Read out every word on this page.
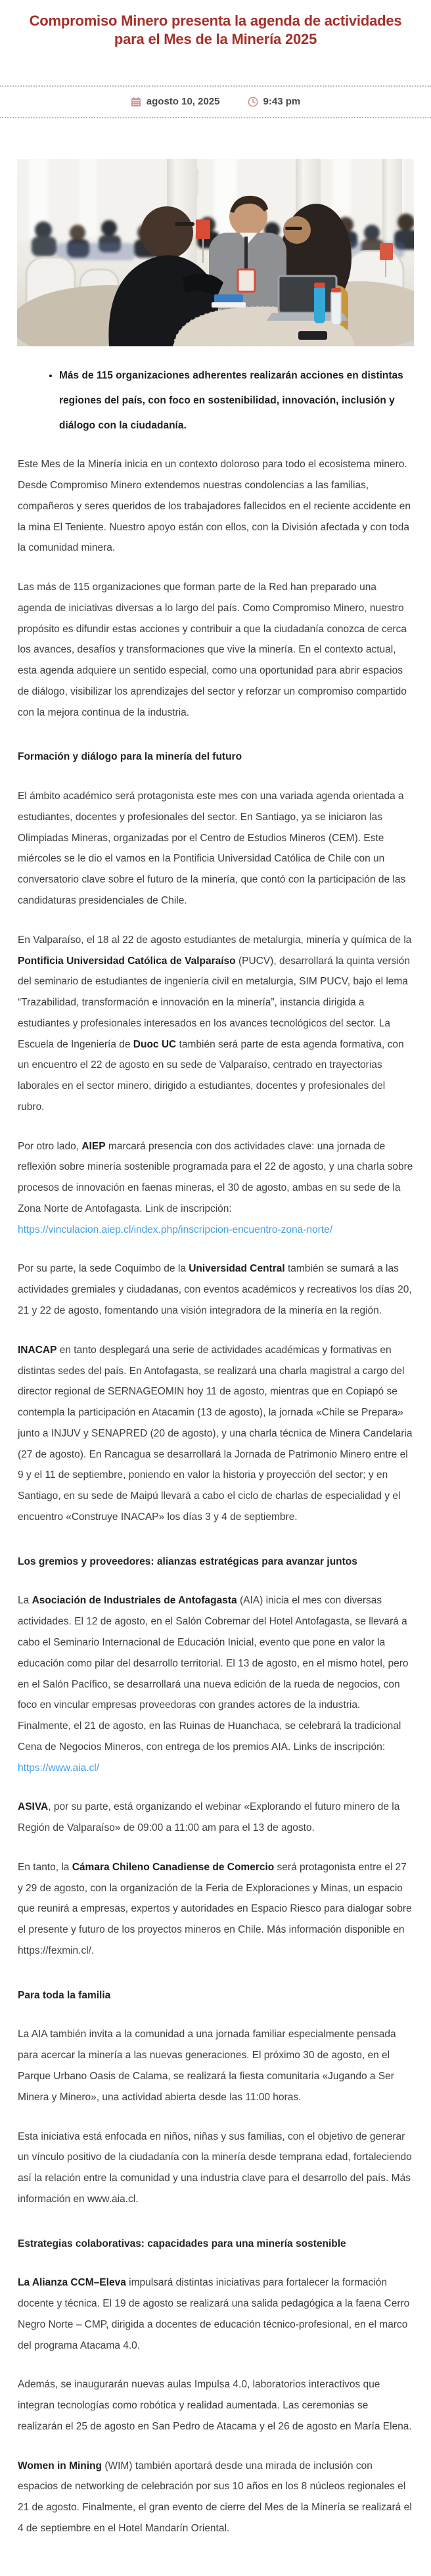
Compromiso Minero presenta la agenda de actividades para el Mes de la Minería 2025
agosto 10, 2025	9:43 pm
• Más de 115 organizaciones adherentes realizarán acciones en distintas regiones del país, con foco en sostenibilidad, innovación, inclusión y diálogo con la ciudadanía.

Este Mes de la Minería inicia en un contexto doloroso para todo el ecosistema minero. Desde Compromiso Minero extendemos nuestras condolencias a las familias, compañeros y seres queridos de los trabajadores fallecidos en el reciente accidente en la mina El Teniente. Nuestro apoyo están con ellos, con la División afectada y con toda la comunidad minera.

Las más de 115 organizaciones que forman parte de la Red han preparado una agenda de iniciativas diversas a lo largo del país. Como Compromiso Minero, nuestro propósito es difundir estas acciones y contribuir a que la ciudadanía conozca de cerca los avances, desafíos y transformaciones que vive la minería. En el contexto actual, esta agenda adquiere un sentido especial, como una oportunidad para abrir espacios de diálogo, visibilizar los aprendizajes del sector y reforzar un compromiso compartido con la mejora continua de la industria.

Formación y diálogo para la minería del futuro

El ámbito académico será protagonista este mes con una variada agenda orientada a estudiantes, docentes y profesionales del sector. En Santiago, ya se iniciaron las Olimpiadas Mineras, organizadas por el Centro de Estudios Mineros (CEM). Este miércoles se le dio el vamos en la Pontificia Universidad Católica de Chile con un conversatorio clave sobre el futuro de la minería, que contó con la participación de las candidaturas presidenciales de Chile.

En Valparaíso, el 18 al 22 de agosto estudiantes de metalurgia, minería y química de la Pontificia Universidad Católica de Valparaíso (PUCV), desarrollará la quinta versión del seminario de estudiantes de ingeniería civil en metalurgia, SIM PUCV, bajo el lema “Trazabilidad, transformación e innovación en la minería”, instancia dirigida a estudiantes y profesionales interesados en los avances tecnológicos del sector. La Escuela de Ingeniería de Duoc UC también será parte de esta agenda formativa, con un encuentro el 22 de agosto en su sede de Valparaíso, centrado en trayectorias laborales en el sector minero, dirigido a estudiantes, docentes y profesionales del rubro.

Por otro lado, AIEP marcará presencia con dos actividades clave: una jornada de reflexión sobre minería sostenible programada para el 22 de agosto, y una charla sobre procesos de innovación en faenas mineras, el 30 de agosto, ambas en su sede de la Zona Norte de Antofagasta. Link de inscripción: https://vinculacion.aiep.cl/index.php/inscripcion-encuentro-zona-norte/

Por su parte, la sede Coquimbo de la Universidad Central también se sumará a las actividades gremiales y ciudadanas, con eventos académicos y recreativos los días 20, 21 y 22 de agosto, fomentando una visión integradora de la minería en la región.

INACAP en tanto desplegará una serie de actividades académicas y formativas en distintas sedes del país. En Antofagasta, se realizará una charla magistral a cargo del director regional de SERNAGEOMIN hoy 11 de agosto, mientras que en Copiapó se contempla la participación en Atacamin (13 de agosto), la jornada «Chile se Prepara» junto a INJUV y SENAPRED (20 de agosto), y una charla técnica de Minera Candelaria (27 de agosto). En Rancagua se desarrollará la Jornada de Patrimonio Minero entre el 9 y el 11 de septiembre, poniendo en valor la historia y proyección del sector; y en Santiago, en su sede de Maipú llevará a cabo el ciclo de charlas de especialidad y el encuentro «Construye INACAP» los días 3 y 4 de septiembre.

Los gremios y proveedores: alianzas estratégicas para avanzar juntos

La Asociación de Industriales de Antofagasta (AIA) inicia el mes con diversas actividades. El 12 de agosto, en el Salón Cobremar del Hotel Antofagasta, se llevará a cabo el Seminario Internacional de Educación Inicial, evento que pone en valor la educación como pilar del desarrollo territorial. El 13 de agosto, en el mismo hotel, pero en el Salón Pacífico, se desarrollará una nueva edición de la rueda de negocios, con foco en vincular empresas proveedoras con grandes actores de la industria. Finalmente, el 21 de agosto, en las Ruinas de Huanchaca, se celebrará la tradicional Cena de Negocios Mineros, con entrega de los premios AIA. Links de inscripción: https://www.aia.cl/

ASIVA, por su parte, está organizando el webinar «Explorando el futuro minero de la Región de Valparaíso» de 09:00 a 11:00 am para el 13 de agosto.

En tanto, la Cámara Chileno Canadiense de Comercio será protagonista entre el 27 y 29 de agosto, con la organización de la Feria de Exploraciones y Minas, un espacio que reunirá a empresas, expertos y autoridades en Espacio Riesco para dialogar sobre el presente y futuro de los proyectos mineros en Chile. Más información disponible en https://fexmin.cl/.

Para toda la familia

La AIA también invita a la comunidad a una jornada familiar especialmente pensada para acercar la minería a las nuevas generaciones. El próximo 30 de agosto, en el Parque Urbano Oasis de Calama, se realizará la fiesta comunitaria «Jugando a Ser Minera y Minero», una actividad abierta desde las 11:00 horas.

Esta iniciativa está enfocada en niños, niñas y sus familias, con el objetivo de generar un vínculo positivo de la ciudadanía con la minería desde temprana edad, fortaleciendo así la relación entre la comunidad y una industria clave para el desarrollo del país. Más información en www.aia.cl.

Estrategias colaborativas: capacidades para una minería sostenible

La Alianza CCM–Eleva impulsará distintas iniciativas para fortalecer la formación docente y técnica. El 19 de agosto se realizará una salida pedagógica a la faena Cerro Negro Norte – CMP, dirigida a docentes de educación técnico-profesional, en el marco del programa Atacama 4.0.

Además, se inaugurarán nuevas aulas Impulsa 4.0, laboratorios interactivos que integran tecnologías como robótica y realidad aumentada. Las ceremonias se realizarán el 25 de agosto en San Pedro de Atacama y el 26 de agosto en María Elena.

Women in Mining (WIM) también aportará desde una mirada de inclusión con espacios de networking de celebración por sus 10 años en los 8 núcleos regionales el 21 de agosto. Finalmente, el gran evento de cierre del Mes de la Minería se realizará el 4 de septiembre en el Hotel Mandarín Oriental.
